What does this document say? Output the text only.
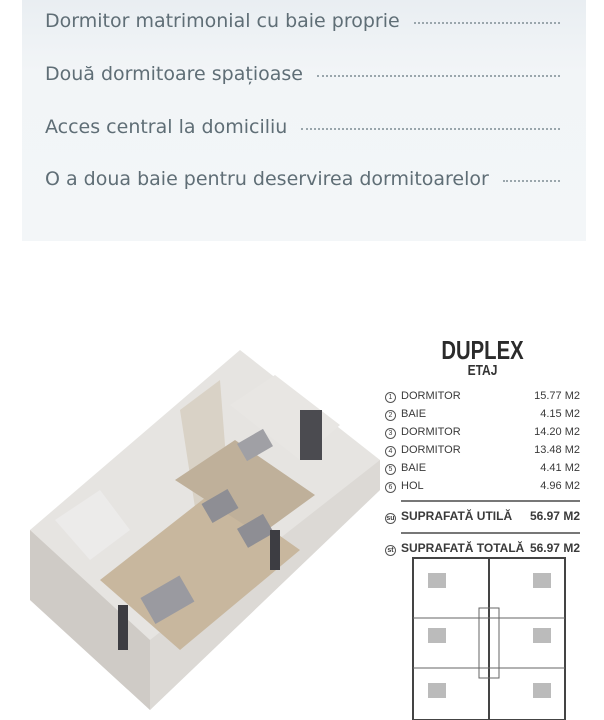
Dormitor matrimonial cu baie proprie
Două dormitoare spațioase
Acces central la domiciliu
O a doua baie pentru deservirea dormitoarelor
DUPLEX
ETAJ
1 DORMITOR	15.77 M2
2 BAIE	4.15 M2
3 DORMITOR	14.20 M2
4 DORMITOR	13.48 M2
5 BAIE	4.41 M2
6 HOL	4.96 M2
su SUPRAFATĂ UTILĂ 56.97 M2
st SUPRAFATĂ TOTALĂ 56.97 M2
